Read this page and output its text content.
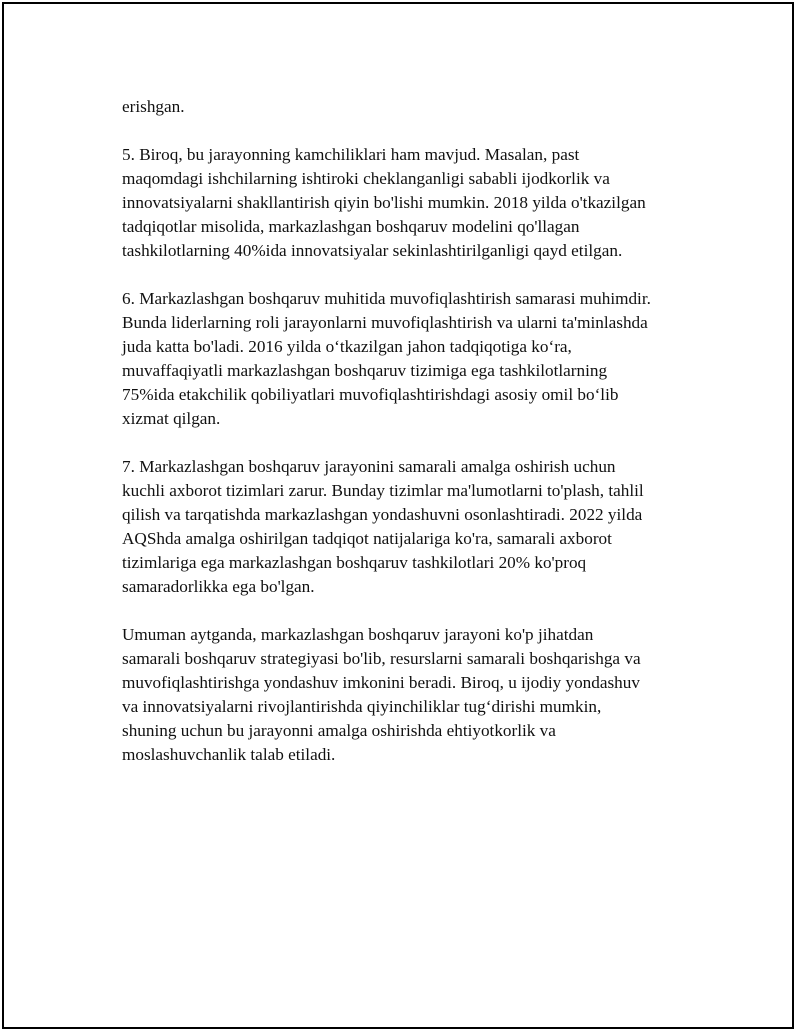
erishgan.

5. Biroq, bu jarayonning kamchiliklari ham mavjud. Masalan, past
maqomdagi ishchilarning ishtiroki cheklanganligi sababli ijodkorlik va
innovatsiyalarni shakllantirish qiyin bo'lishi mumkin. 2018 yilda o'tkazilgan
tadqiqotlar misolida, markazlashgan boshqaruv modelini qo'llagan
tashkilotlarning 40%ida innovatsiyalar sekinlashtirilganligi qayd etilgan.

6. Markazlashgan boshqaruv muhitida muvofiqlashtirish samarasi muhimdir.
Bunda liderlarning roli jarayonlarni muvofiqlashtirish va ularni ta'minlashda
juda katta bo'ladi. 2016 yilda o‘tkazilgan jahon tadqiqotiga ko‘ra,
muvaffaqiyatli markazlashgan boshqaruv tizimiga ega tashkilotlarning
75%ida etakchilik qobiliyatlari muvofiqlashtirishdagi asosiy omil bo‘lib
xizmat qilgan.

7. Markazlashgan boshqaruv jarayonini samarali amalga oshirish uchun
kuchli axborot tizimlari zarur. Bunday tizimlar ma'lumotlarni to'plash, tahlil
qilish va tarqatishda markazlashgan yondashuvni osonlashtiradi. 2022 yilda
AQShda amalga oshirilgan tadqiqot natijalariga ko'ra, samarali axborot
tizimlariga ega markazlashgan boshqaruv tashkilotlari 20% ko'proq
samaradorlikka ega bo'lgan.

Umuman aytganda, markazlashgan boshqaruv jarayoni ko'p jihatdan
samarali boshqaruv strategiyasi bo'lib, resurslarni samarali boshqarishga va
muvofiqlashtirishga yondashuv imkonini beradi. Biroq, u ijodiy yondashuv
va innovatsiyalarni rivojlantirishda qiyinchiliklar tug‘dirishi mumkin,
shuning uchun bu jarayonni amalga oshirishda ehtiyotkorlik va
moslashuvchanlik talab etiladi.
